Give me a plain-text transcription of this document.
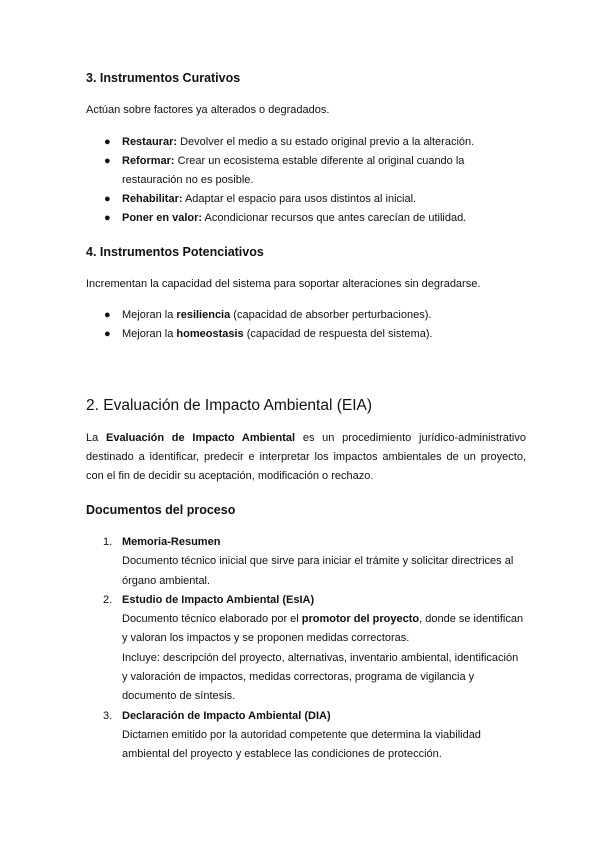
3. Instrumentos Curativos

Actúan sobre factores ya alterados o degradados.

● Restaurar: Devolver el medio a su estado original previo a la alteración.
● Reformar: Crear un ecosistema estable diferente al original cuando la restauración no es posible.
● Rehabilitar: Adaptar el espacio para usos distintos al inicial.
● Poner en valor: Acondicionar recursos que antes carecían de utilidad.
4. Instrumentos Potenciativos

Incrementan la capacidad del sistema para soportar alteraciones sin degradarse.

● Mejoran la resiliencia (capacidad de absorber perturbaciones).
● Mejoran la homeostasis (capacidad de respuesta del sistema).
2. Evaluación de Impacto Ambiental (EIA)

La Evaluación de Impacto Ambiental es un procedimiento jurídico-administrativo destinado a identificar, predecir e interpretar los impactos ambientales de un proyecto, con el fin de decidir su aceptación, modificación o rechazo.

Documentos del proceso
1. Memoria-Resumen
Documento técnico inicial que sirve para iniciar el trámite y solicitar directrices al órgano ambiental.
2. Estudio de Impacto Ambiental (EsIA)
Documento técnico elaborado por el promotor del proyecto, donde se identifican y valoran los impactos y se proponen medidas correctoras.
Incluye: descripción del proyecto, alternativas, inventario ambiental, identificación y valoración de impactos, medidas correctoras, programa de vigilancia y documento de síntesis.
3. Declaración de Impacto Ambiental (DIA)
Dictamen emitido por la autoridad competente que determina la viabilidad ambiental del proyecto y establece las condiciones de protección.
